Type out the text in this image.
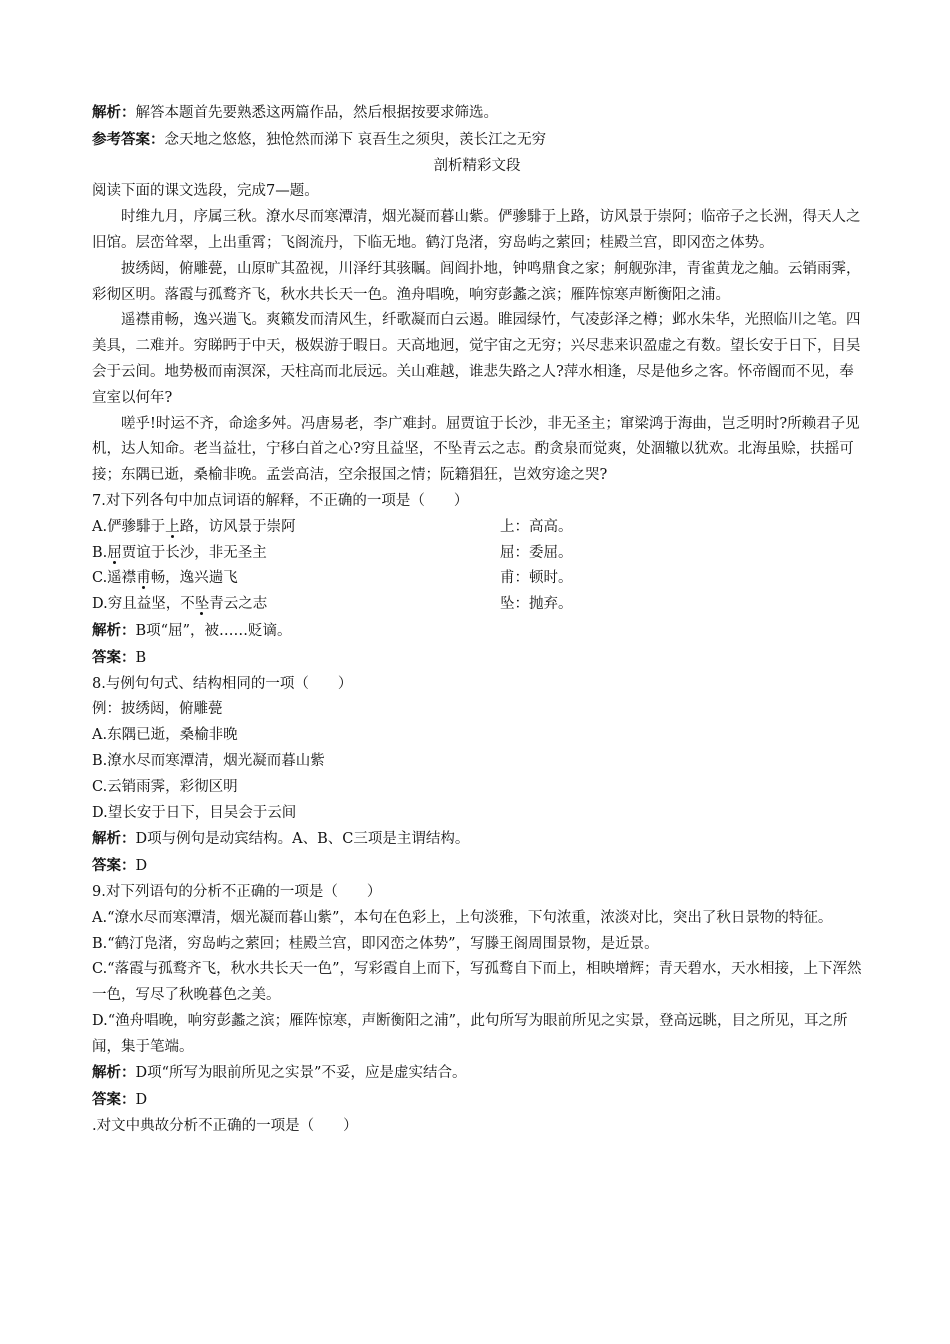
解析：解答本题首先要熟悉这两篇作品，然后根据按要求筛选。

参考答案：念天地之悠悠，独怆然而涕下 哀吾生之须臾，羡长江之无穷

剖析精彩文段

阅读下面的课文选段，完成7—题。

时维九月，序属三秋。潦水尽而寒潭清，烟光凝而暮山紫。俨骖騑于上路，访风景于崇阿；临帝子之长洲，得天人之旧馆。层峦耸翠，上出重霄；飞阁流丹，下临无地。鹤汀凫渚，穷岛屿之萦回；桂殿兰宫，即冈峦之体势。

披绣闼，俯雕甍，山原旷其盈视，川泽纡其骇瞩。闾阎扑地，钟鸣鼎食之家；舸舰弥津，青雀黄龙之舳。云销雨霁，彩彻区明。落霞与孤鹜齐飞，秋水共长天一色。渔舟唱晚，响穷彭蠡之滨；雁阵惊寒声断衡阳之浦。

遥襟甫畅，逸兴遄飞。爽籁发而清风生，纤歌凝而白云遏。睢园绿竹，气凌彭泽之樽；邺水朱华，光照临川之笔。四美具，二难并。穷睇眄于中天，极娱游于暇日。天高地迥，觉宇宙之无穷；兴尽悲来识盈虚之有数。望长安于日下，目吴会于云间。地势极而南溟深，天柱高而北辰远。关山难越，谁悲失路之人?萍水相逢，尽是他乡之客。怀帝阍而不见，奉宣室以何年?

嗟乎!时运不齐，命途多舛。冯唐易老，李广难封。屈贾谊于长沙，非无圣主；窜梁鸿于海曲，岂乏明时?所赖君子见机，达人知命。老当益壮，宁移白首之心?穷且益坚，不坠青云之志。酌贪泉而觉爽，处涸辙以犹欢。北海虽赊，扶摇可接；东隅已逝，桑榆非晚。孟尝高洁，空余报国之情；阮籍猖狂，岂效穷途之哭?

7.对下列各句中加点词语的解释，不正确的一项是（　　）

A.俨骖騑于上路，访风景于崇阿	上：高高。
B.屈贾谊于长沙，非无圣主	屈：委屈。
C.遥襟甫畅，逸兴遄飞	甫：顿时。
D.穷且益坚，不坠青云之志	坠：抛弃。

解析：B项“屈”，被……贬谪。

答案：B

8.与例句句式、结构相同的一项（　　）

例：披绣闼，俯雕甍

A.东隅已逝，桑榆非晚

B.潦水尽而寒潭清，烟光凝而暮山紫

C.云销雨霁，彩彻区明

D.望长安于日下，目吴会于云间

解析：D项与例句是动宾结构。A、B、C三项是主谓结构。

答案：D

9.对下列语句的分析不正确的一项是（　　）

A.“潦水尽而寒潭清，烟光凝而暮山紫”，本句在色彩上，上句淡雅，下句浓重，浓淡对比，突出了秋日景物的特征。

B.“鹤汀凫渚，穷岛屿之萦回；桂殿兰宫，即冈峦之体势”，写滕王阁周围景物，是近景。

C.“落霞与孤鹜齐飞，秋水共长天一色”，写彩霞自上而下，写孤鹜自下而上，相映增辉；青天碧水，天水相接，上下浑然一色，写尽了秋晚暮色之美。

D.“渔舟唱晚，响穷彭蠡之滨；雁阵惊寒，声断衡阳之浦”，此句所写为眼前所见之实景，登高远眺，目之所见，耳之所闻，集于笔端。

解析：D项“所写为眼前所见之实景”不妥，应是虚实结合。

答案：D

.对文中典故分析不正确的一项是（　　）
